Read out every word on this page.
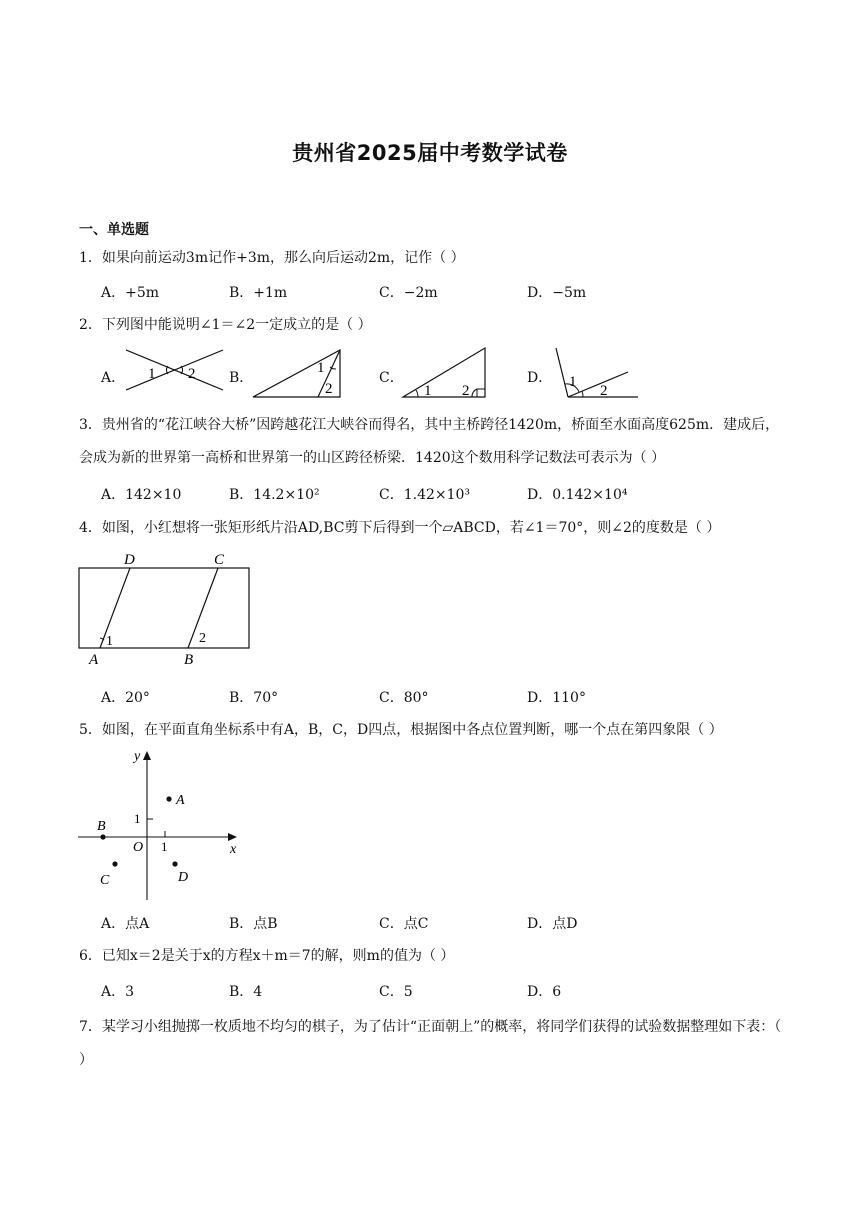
贵州省2025届中考数学试卷
一、单选题
1．如果向前运动3m记作+3m，那么向后运动2m，记作（ ）
A．+5m	B．+1m	C．−2m	D．−5m
2．下列图中能说明∠1＝∠2一定成立的是（ ）
A．	B．	C．	D．
1 2	1
2	1 2
1
2
3．贵州省的“花江峡谷大桥”因跨越花江大峡谷而得名，其中主桥跨径1420m，桥面至水面高度625m．建成后，会成为新的世界第一高桥和世界第一的山区跨径桥梁．1420这个数用科学记数法可表示为（ ）
A．142×10	B．14.2×10²	C．1.42×10³	D．0.142×10⁴
4．如图，小红想将一张矩形纸片沿AD,BC剪下后得到一个▱ABCD，若∠1＝70°，则∠2的度数是（ ）
D	C
A	B
1	2
A．20°	B．70°	C．80°	D．110°
5．如图，在平面直角坐标系中有A，B，C，D四点，根据图中各点位置判断，哪一个点在第四象限（ ）
y
x
O 1
1
A
B
C	D
A．点A	B．点B	C．点C	D．点D
6．已知x＝2是关于x的方程x＋m＝7的解，则m的值为（ ）
A．3	B．4	C．5	D．6
7．某学习小组抛掷一枚质地不均匀的棋子，为了估计“正面朝上”的概率，将同学们获得的试验数据整理如下表：（ ）
